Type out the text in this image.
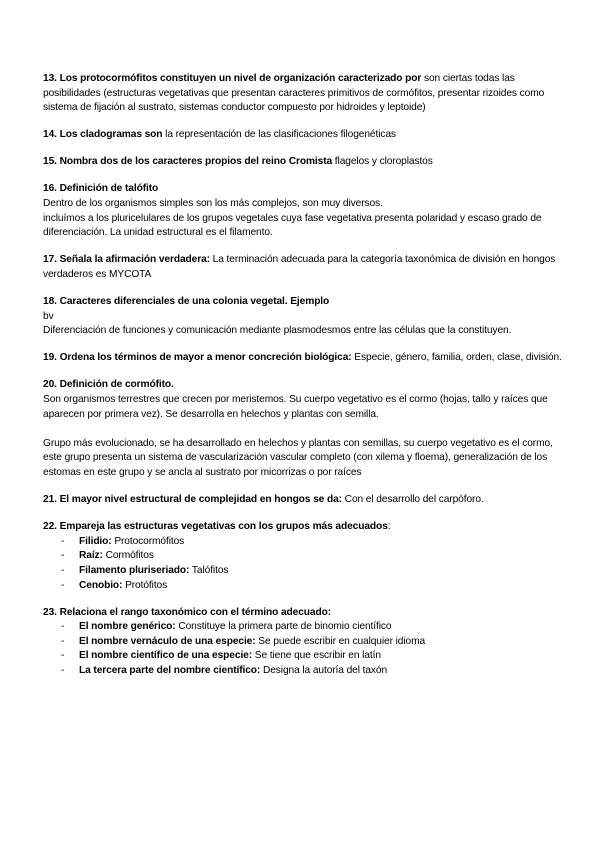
13. Los protocormófitos constituyen un nivel de organización caracterizado por son ciertas todas las posibilidades (estructuras vegetativas que presentan caracteres primitivos de cormófitos, presentar rizoides como sistema de fijación al sustrato, sistemas conductor compuesto por hidroides y leptoide)

14. Los cladogramas son la representación de las clasificaciones filogenéticas

15. Nombra dos de los caracteres propios del reino Cromista flagelos y cloroplastos

16. Definición de talófito

Dentro de los organismos simples son los más complejos, son muy diversos.

incluímos a los pluricelulares de los grupos vegetales cuya fase vegetativa presenta polaridad y escaso grado de diferenciación. La unidad estructural es el filamento.

17. Señala la afirmación verdadera: La terminación adecuada para la categoría taxonómica de división en hongos verdaderos es MYCOTA

18. Caracteres diferenciales de una colonia vegetal. Ejemplo

bv

Diferenciación de funciones y comunicación mediante plasmodesmos entre las células que la constituyen.

19. Ordena los términos de mayor a menor concreción biológica: Especie, género, familia, orden, clase, división.

20. Definición de cormófito.

Son organismos terrestres que crecen por meristemos. Su cuerpo vegetativo es el cormo (hojas, tallo y raíces que aparecen por primera vez). Se desarrolla en helechos y plantas con semilla.

Grupo más evolucionado, se ha desarrollado en helechos y plantas con semillas, su cuerpo vegetativo es el cormo, este grupo presenta un sistema de vascularización vascular completo (con xilema y floema), generalización de los estomas en este grupo y se ancla al sustrato por micorrizas o por raíces

21. El mayor nivel estructural de complejidad en hongos se da: Con el desarrollo del carpóforo.

22. Empareja las estructuras vegetativas con los grupos más adecuados:

- Filidio: Protocormófitos
- Raíz: Cormófitos
- Filamento pluriseriado: Talófitos
- Cenobio: Protófitos

23. Relaciona el rango taxonómico con el término adecuado:

- El nombre genérico: Constituye la primera parte de binomio científico
- El nombre vernáculo de una especie: Se puede escribir en cualquier idioma
- El nombre científico de una especie: Se tiene que escribir en latín
- La tercera parte del nombre científico: Designa la autoría del taxón
